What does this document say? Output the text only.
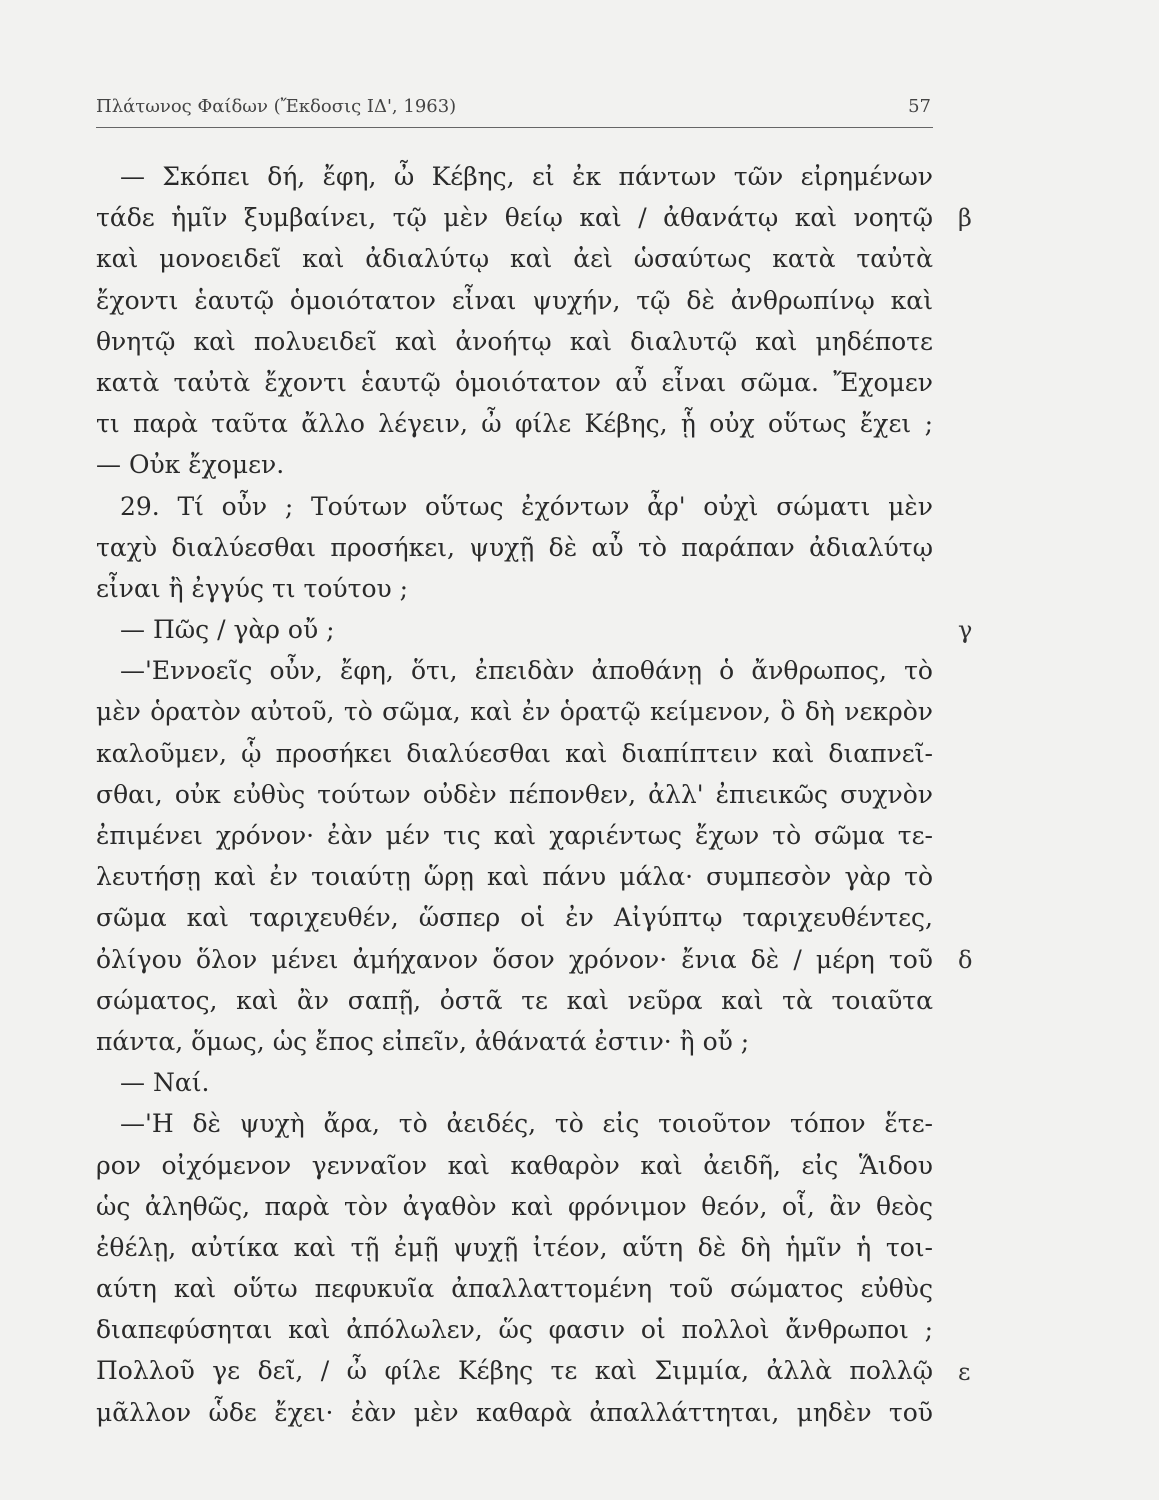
Πλάτωνος Φαίδων (Ἔκδοσις ΙΔ', 1963)	57
— Σκόπει δή, ἔφη, ὦ Κέβης, εἰ ἐκ πάντων τῶν εἰρημένων
τάδε ἡμῖν ξυμβαίνει, τῷ μὲν θείῳ καὶ / ἀθανάτῳ καὶ νοητῷ
καὶ μονοειδεῖ καὶ ἀδιαλύτῳ καὶ ἀεὶ ὡσαύτως κατὰ ταὐτὰ
ἔχοντι ἑαυτῷ ὁμοιότατον εἶναι ψυχήν, τῷ δὲ ἀνθρωπίνῳ καὶ
θνητῷ καὶ πολυειδεῖ καὶ ἀνοήτῳ καὶ διαλυτῷ καὶ μηδέποτε
κατὰ ταὐτὰ ἔχοντι ἑαυτῷ ὁμοιότατον αὖ εἶναι σῶμα. Ἔχομεν
τι παρὰ ταῦτα ἄλλο λέγειν, ὦ φίλε Κέβης, ᾗ οὐχ οὕτως ἔχει ;
— Οὐκ ἔχομεν.
29. Τί οὖν ; Τούτων οὕτως ἐχόντων ἆρ' οὐχὶ σώματι μὲν
ταχὺ διαλύεσθαι προσήκει, ψυχῇ δὲ αὖ τὸ παράπαν ἀδιαλύτῳ
εἶναι ἢ ἐγγύς τι τούτου ;
— Πῶς / γὰρ οὔ ;
—'Εννοεῖς οὖν, ἔφη, ὅτι, ἐπειδὰν ἀποθάνῃ ὁ ἄνθρωπος, τὸ
μὲν ὁρατὸν αὐτοῦ, τὸ σῶμα, καὶ ἐν ὁρατῷ κείμενον, ὃ δὴ νεκρὸν
καλοῦμεν, ᾧ προσήκει διαλύεσθαι καὶ διαπίπτειν καὶ διαπνεῖ-
σθαι, οὐκ εὐθὺς τούτων οὐδὲν πέπονθεν, ἀλλ' ἐπιεικῶς συχνὸν
ἐπιμένει χρόνον· ἐὰν μέν τις καὶ χαριέντως ἔχων τὸ σῶμα τε-
λευτήσῃ καὶ ἐν τοιαύτῃ ὥρῃ καὶ πάνυ μάλα· συμπεσὸν γὰρ τὸ
σῶμα καὶ ταριχευθέν, ὥσπερ οἱ ἐν Αἰγύπτῳ ταριχευθέντες,
ὀλίγου ὅλον μένει ἀμήχανον ὅσον χρόνον· ἔνια δὲ / μέρη τοῦ
σώματος, καὶ ἂν σαπῇ, ὀστᾶ τε καὶ νεῦρα καὶ τὰ τοιαῦτα
πάντα, ὅμως, ὡς ἔπος εἰπεῖν, ἀθάνατά ἐστιν· ἢ οὔ ;
— Ναί.
—'Η δὲ ψυχὴ ἄρα, τὸ ἀειδές, τὸ εἰς τοιοῦτον τόπον ἕτε-
ρον οἰχόμενον γενναῖον καὶ καθαρὸν καὶ ἀειδῆ, εἰς Ἅιδου
ὡς ἀληθῶς, παρὰ τὸν ἀγαθὸν καὶ φρόνιμον θεόν, οἷ, ἂν θεὸς
ἐθέλῃ, αὐτίκα καὶ τῇ ἐμῇ ψυχῇ ἰτέον, αὕτη δὲ δὴ ἡμῖν ἡ τοι-
αύτη καὶ οὕτω πεφυκυῖα ἀπαλλαττομένη τοῦ σώματος εὐθὺς
διαπεφύσηται καὶ ἀπόλωλεν, ὥς φασιν οἱ πολλοὶ ἄνθρωποι ;
Πολλοῦ γε δεῖ, / ὦ φίλε Κέβης τε καὶ Σιμμία, ἀλλὰ πολλῷ
μᾶλλον ὧδε ἔχει· ἐὰν μὲν καθαρὰ ἀπαλλάττηται, μηδὲν τοῦ
β
γ
δ
ε
